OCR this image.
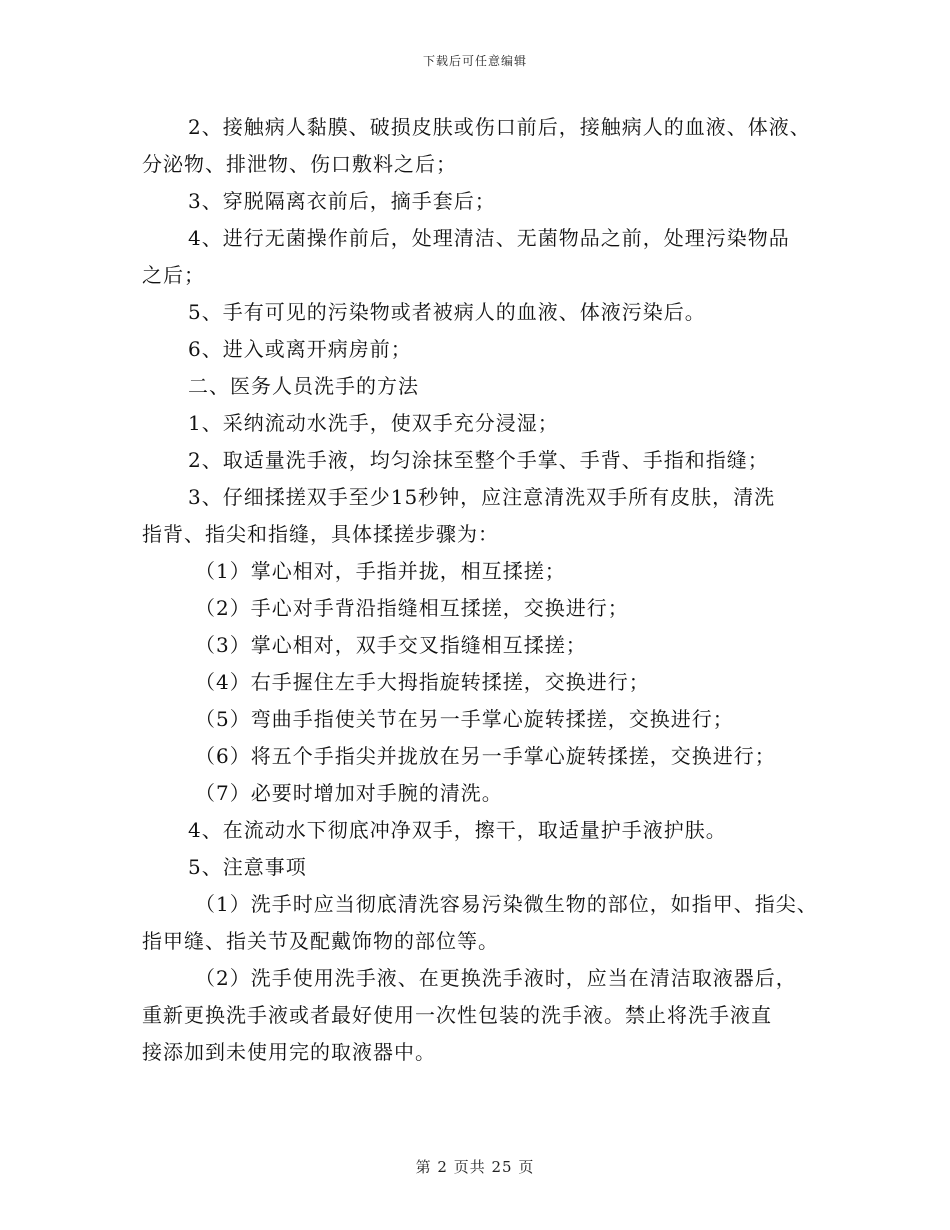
下载后可任意编辑
2、接触病人黏膜、破损皮肤或伤口前后，接触病人的血液、体液、
分泌物、排泄物、伤口敷料之后；
3、穿脱隔离衣前后，摘手套后；
4、进行无菌操作前后，处理清洁、无菌物品之前，处理污染物品
之后；
5、手有可见的污染物或者被病人的血液、体液污染后。
6、进入或离开病房前；
二、医务人员洗手的方法
1、采纳流动水洗手，使双手充分浸湿；
2、取适量洗手液，均匀涂抹至整个手掌、手背、手指和指缝；
3、仔细揉搓双手至少15秒钟，应注意清洗双手所有皮肤，清洗
指背、指尖和指缝，具体揉搓步骤为：
（1）掌心相对，手指并拢，相互揉搓；
（2）手心对手背沿指缝相互揉搓，交换进行；
（3）掌心相对，双手交叉指缝相互揉搓；
（4）右手握住左手大拇指旋转揉搓，交换进行；
（5）弯曲手指使关节在另一手掌心旋转揉搓，交换进行；
（6）将五个手指尖并拢放在另一手掌心旋转揉搓，交换进行；
（7）必要时增加对手腕的清洗。
4、在流动水下彻底冲净双手，擦干，取适量护手液护肤。
5、注意事项
（1）洗手时应当彻底清洗容易污染微生物的部位，如指甲、指尖、
指甲缝、指关节及配戴饰物的部位等。
（2）洗手使用洗手液、在更换洗手液时，应当在清洁取液器后，
重新更换洗手液或者最好使用一次性包装的洗手液。禁止将洗手液直
接添加到未使用完的取液器中。
第 2 页共 25 页
